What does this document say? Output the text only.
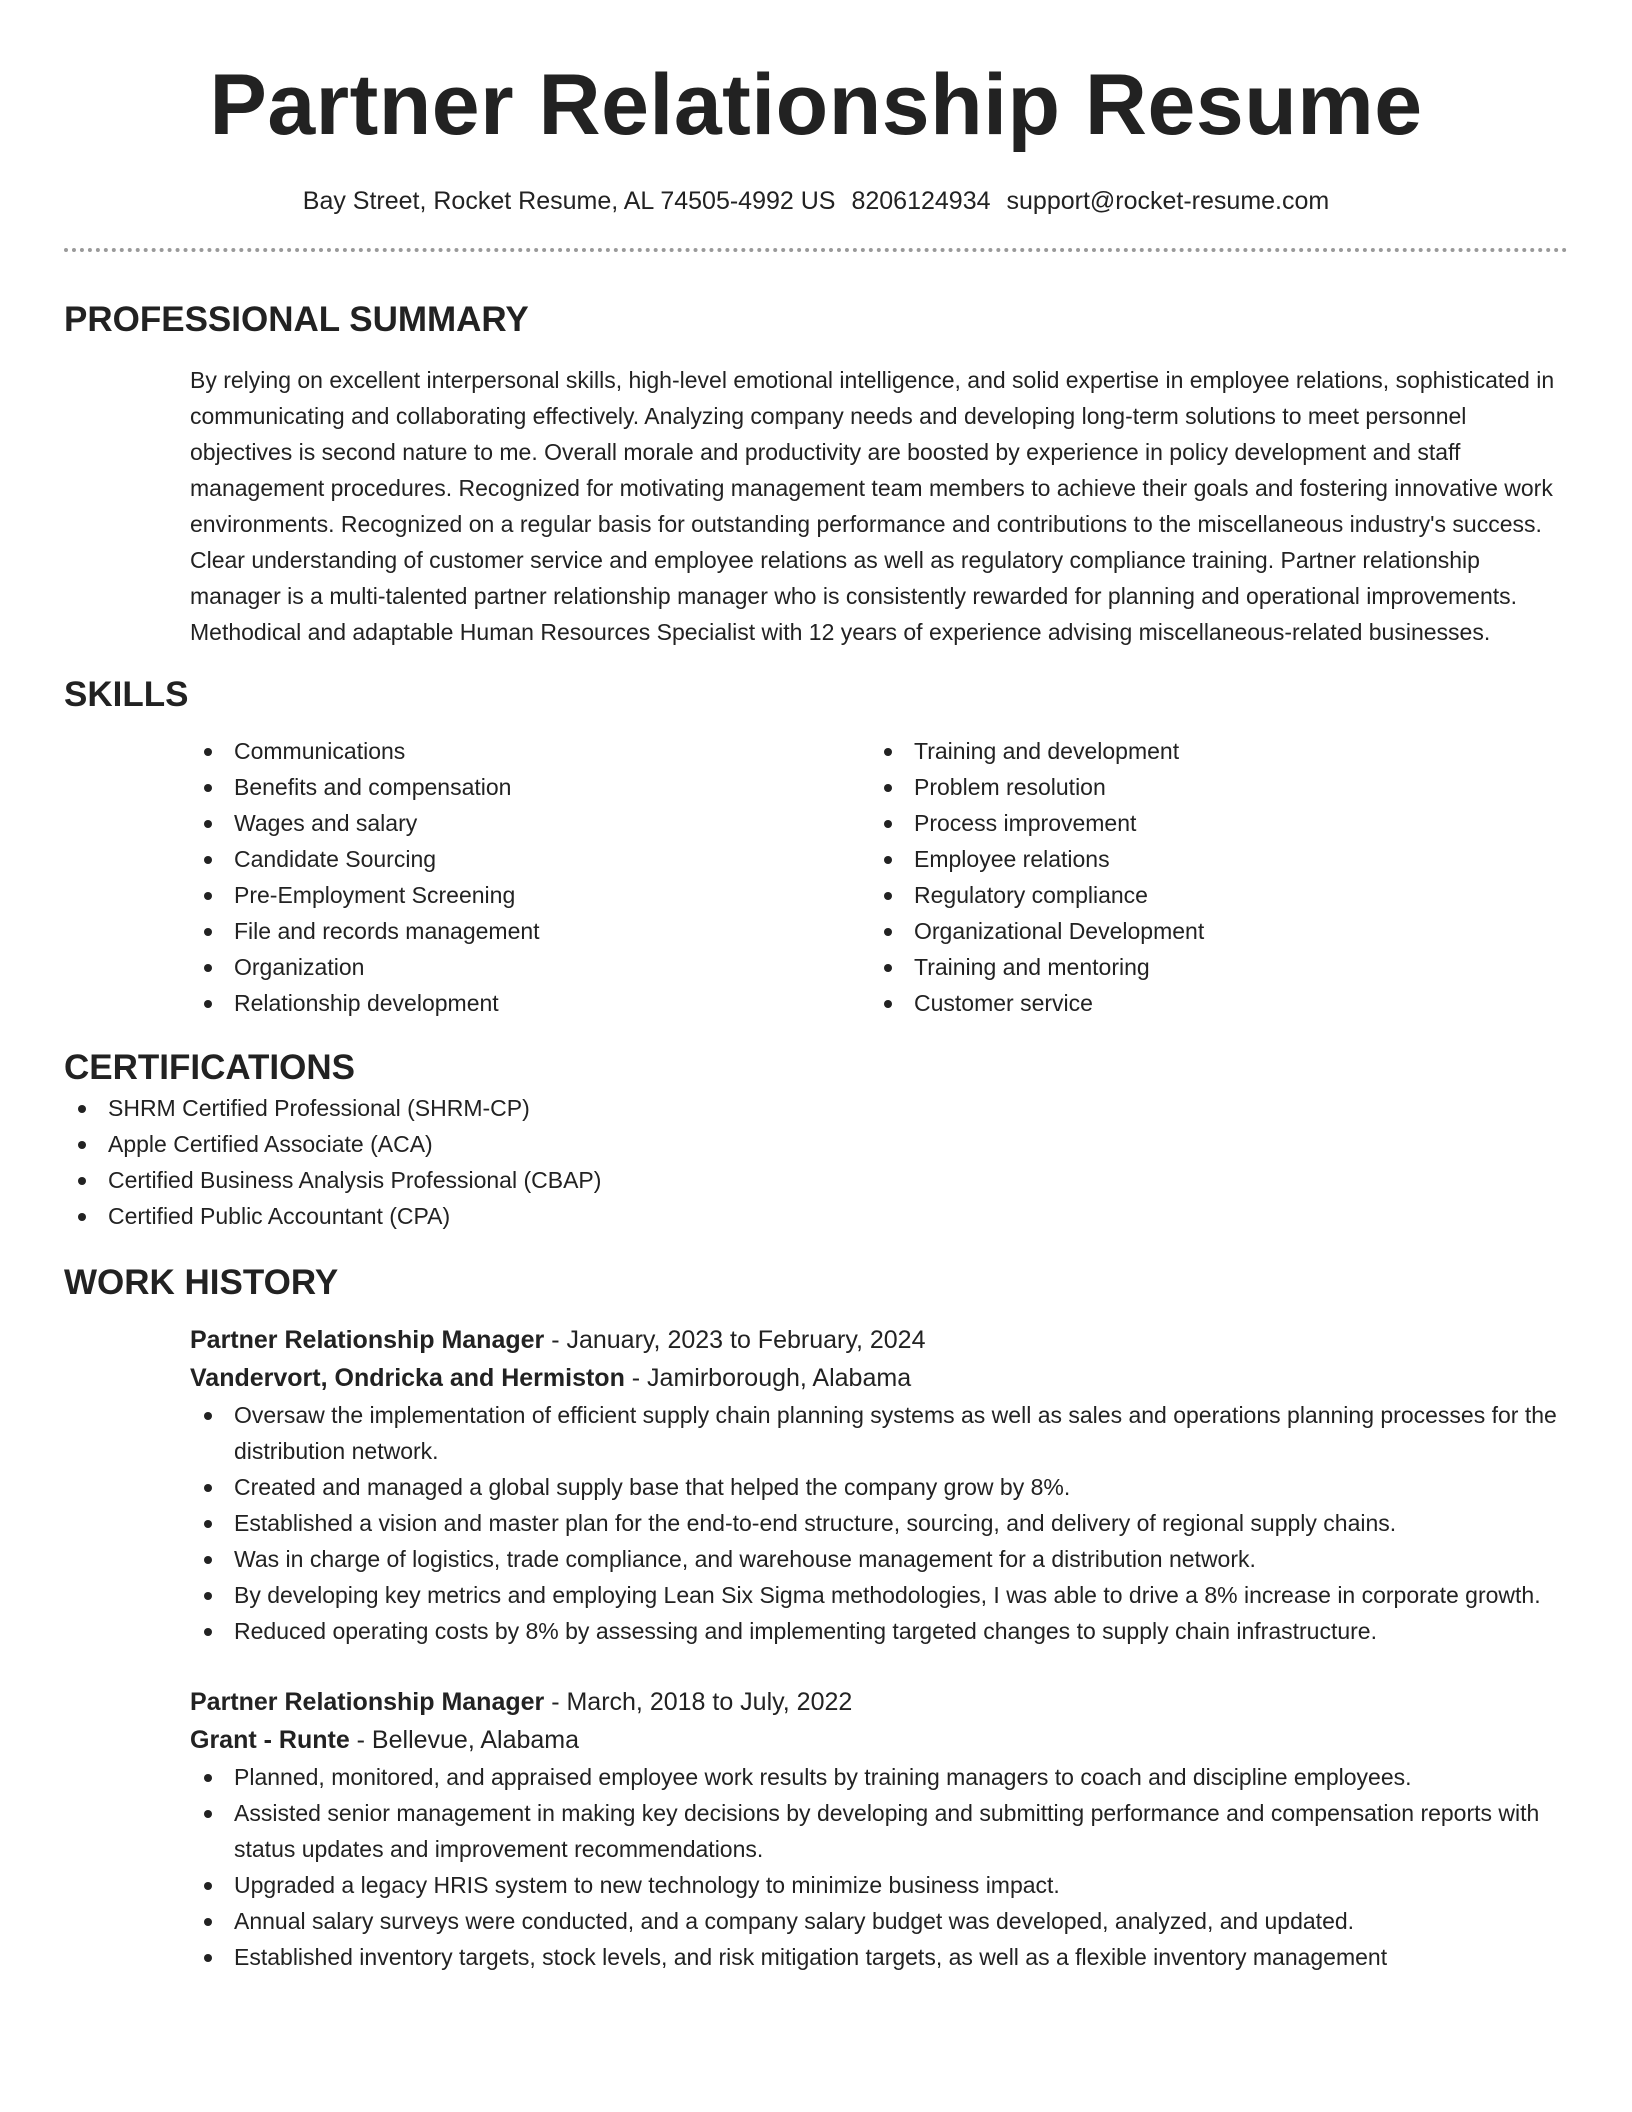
Partner Relationship Resume
Bay Street, Rocket Resume, AL 74505-4992 US 8206124934 support@rocket-resume.com
PROFESSIONAL SUMMARY

By relying on excellent interpersonal skills, high-level emotional intelligence, and solid expertise in employee relations, sophisticated in communicating and collaborating effectively. Analyzing company needs and developing long-term solutions to meet personnel objectives is second nature to me. Overall morale and productivity are boosted by experience in policy development and staff management procedures. Recognized for motivating management team members to achieve their goals and fostering innovative work environments. Recognized on a regular basis for outstanding performance and contributions to the miscellaneous industry's success. Clear understanding of customer service and employee relations as well as regulatory compliance training. Partner relationship manager is a multi-talented partner relationship manager who is consistently rewarded for planning and operational improvements. Methodical and adaptable Human Resources Specialist with 12 years of experience advising miscellaneous-related businesses.

SKILLS
Communications
Benefits and compensation
Wages and salary
Candidate Sourcing
Pre-Employment Screening
File and records management
Organization
Relationship development
Training and development
Problem resolution
Process improvement
Employee relations
Regulatory compliance
Organizational Development
Training and mentoring
Customer service
CERTIFICATIONS
SHRM Certified Professional (SHRM-CP)
Apple Certified Associate (ACA)
Certified Business Analysis Professional (CBAP)
Certified Public Accountant (CPA)
WORK HISTORY
Partner Relationship Manager - January, 2023 to February, 2024
Vandervort, Ondricka and Hermiston - Jamirborough, Alabama
Oversaw the implementation of efficient supply chain planning systems as well as sales and operations planning processes for the distribution network.
Created and managed a global supply base that helped the company grow by 8%.
Established a vision and master plan for the end-to-end structure, sourcing, and delivery of regional supply chains.
Was in charge of logistics, trade compliance, and warehouse management for a distribution network.
By developing key metrics and employing Lean Six Sigma methodologies, I was able to drive a 8% increase in corporate growth.
Reduced operating costs by 8% by assessing and implementing targeted changes to supply chain infrastructure.
Partner Relationship Manager - March, 2018 to July, 2022
Grant - Runte - Bellevue, Alabama
Planned, monitored, and appraised employee work results by training managers to coach and discipline employees.
Assisted senior management in making key decisions by developing and submitting performance and compensation reports with status updates and improvement recommendations.
Upgraded a legacy HRIS system to new technology to minimize business impact.
Annual salary surveys were conducted, and a company salary budget was developed, analyzed, and updated.
Established inventory targets, stock levels, and risk mitigation targets, as well as a flexible inventory management
